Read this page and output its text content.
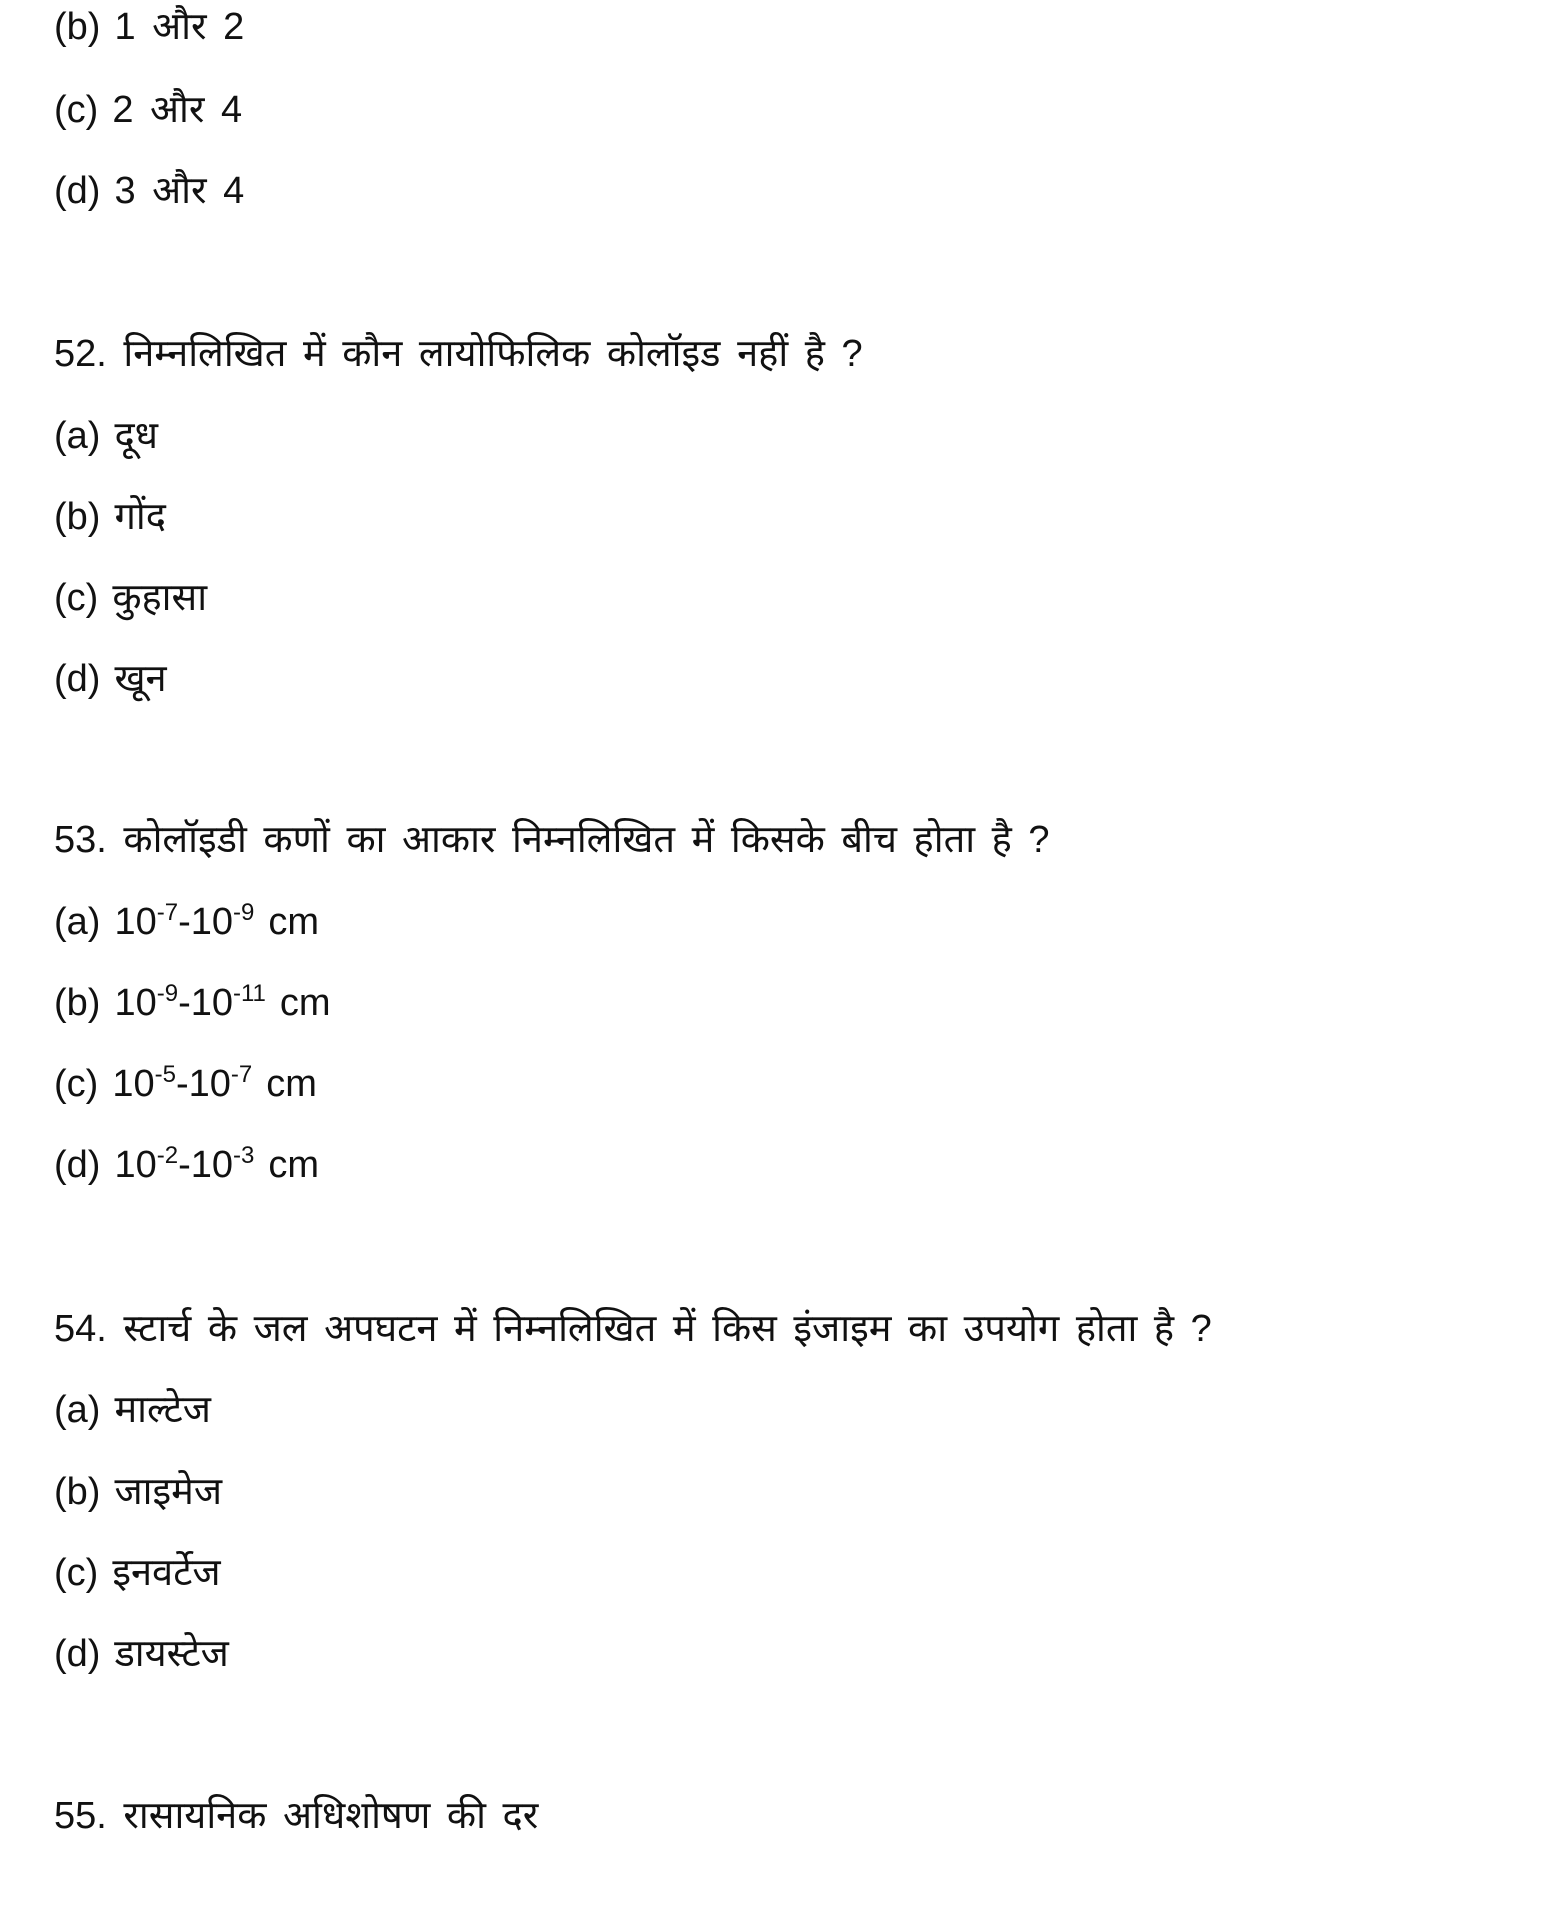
(b) 1 और 2
(c) 2 और 4
(d) 3 और 4
52. निम्नलिखित में कौन लायोफिलिक कोलॉइड नहीं है ?
(a) दूध
(b) गोंद
(c) कुहासा
(d) खून
53. कोलॉइडी कणों का आकार निम्नलिखित में किसके बीच होता है ?
(a) $10^{-7}-10^{-9}$ cm
(b) $10^{-9}-10^{-11}$ cm
(c) $10^{-5}-10^{-7}$ cm
(d) $10^{-2}-10^{-3}$ cm
54. स्टार्च के जल अपघटन में निम्नलिखित में किस इंजाइम का उपयोग होता है ?
(a) माल्टेज
(b) जाइमेज
(c) इनवर्टेज
(d) डायस्टेज
55. रासायनिक अधिशोषण की दर
